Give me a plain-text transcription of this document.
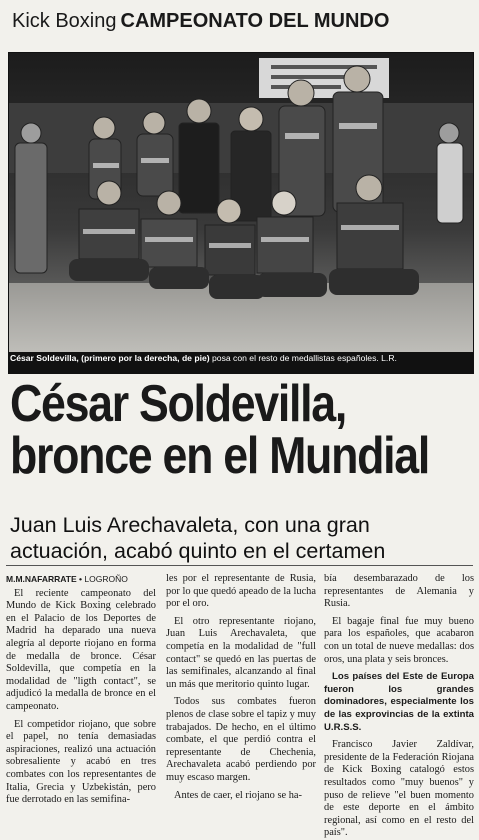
Kick Boxing CAMPEONATO DEL MUNDO
César Soldevilla, (primero por la derecha, de pie) posa con el resto de medallistas españoles. L.R.
César Soldevilla,
bronce en el Mundial
Juan Luis Arechavaleta, con una gran actuación, acabó quinto en el certamen
M.M.NAFARRATE • LOGROÑO

El reciente campeonato del Mundo de Kick Boxing celebrado en el Palacio de los Deportes de Madrid ha deparado una nueva alegría al deporte riojano en forma de medalla de bronce. César Soldevilla, que competía en la modalidad de "ligth contact", se adjudicó la medalla de bronce en el campeonato.

El competidor riojano, que sobre el papel, no tenía demasiadas aspiraciones, realizó una actuación sobresaliente y acabó en tres combates con los representantes de Italia, Grecia y Uzbekistán, pero fue derrotado en las semifina-

les por el representante de Rusia, por lo que quedó apeado de la lucha por el oro.

El otro representante riojano, Juan Luis Arechavaleta, que competía en la modalidad de "full contact" se quedó en las puertas de las semifinales, alcanzando al final un más que meritorio quinto lugar.

Todos sus combates fueron plenos de clase sobre el tapiz y muy trabajados. De hecho, en el último combate, el que perdió contra el representante de Chechenia, Arechavaleta acabó perdiendo por muy escaso margen.

Antes de caer, el riojano se ha-

bía desembarazado de los representantes de Alemania y Rusia.

El bagaje final fue muy bueno para los españoles, que acabaron con un total de nueve medallas: dos oros, una plata y seis bronces.

Los países del Este de Europa fueron los grandes dominadores, especialmente los de las exprovincias de la extinta U.R.S.S.

Francisco Javier Zaldívar, presidente de la Federación Riojana de Kick Boxing catalogó estos resultados como "muy buenos" y puso de relieve "el buen momento de este deporte en el ámbito regional, así como en el resto del país".
